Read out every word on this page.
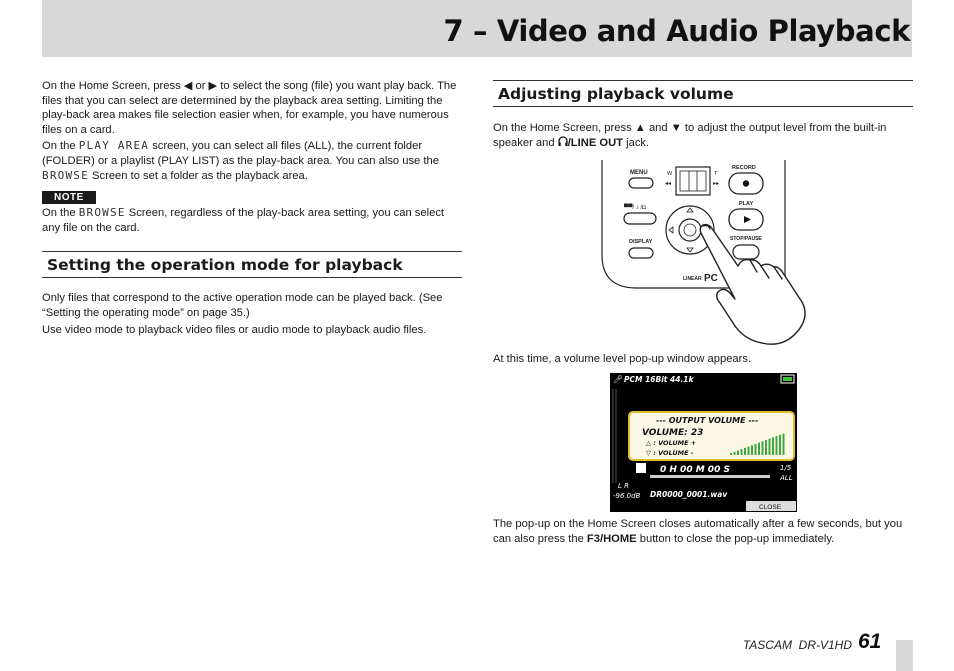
7 – Video and Audio Playback

On the Home Screen, press ◀ or ▶ to select the song (file) you want play back. The files that you can select are determined by the playback area setting. Limiting the play-back area makes file selection easier when, for example, you have numerous files on a card.

On the PLAY AREA screen, you can select all files (ALL), the current folder (FOLDER) or a playlist (PLAY LIST) as the play-back area. You can also use the BROWSE Screen to set a folder as the playback area.

NOTE

On the BROWSE Screen, regardless of the play-back area setting, you can select any file on the card.

Setting the operation mode for playback

Only files that correspond to the active operation mode can be played back. (See “Setting the operating mode” on page 35.)

Use video mode to playback video files or audio mode to playback audio files.

Adjusting playback volume

On the Home Screen, press ▲ and ▼ to adjust the output level from the built-in speaker and /LINE OUT jack.

MENU	W	T
◂◂	▸▸
RECORD
▀▀/ ♪ /◘
PLAY
DISPLAY	STOP/PAUSE
LINEAR PC

At this time, a volume level pop-up window appears.

🎤︎ PCM 16Bit 44.1k
--- OUTPUT VOLUME ---
VOLUME: 23
△ : VOLUME +
▽ : VOLUME -
0 H 00 M 00 S	1/5
ALL
L R
-96.0dB DR0000_0001.wav
CLOSE

The pop-up on the Home Screen closes automatically after a few seconds, but you can also press the F3/HOME button to close the pop-up immediately.

TASCAM DR-V1HD 61
